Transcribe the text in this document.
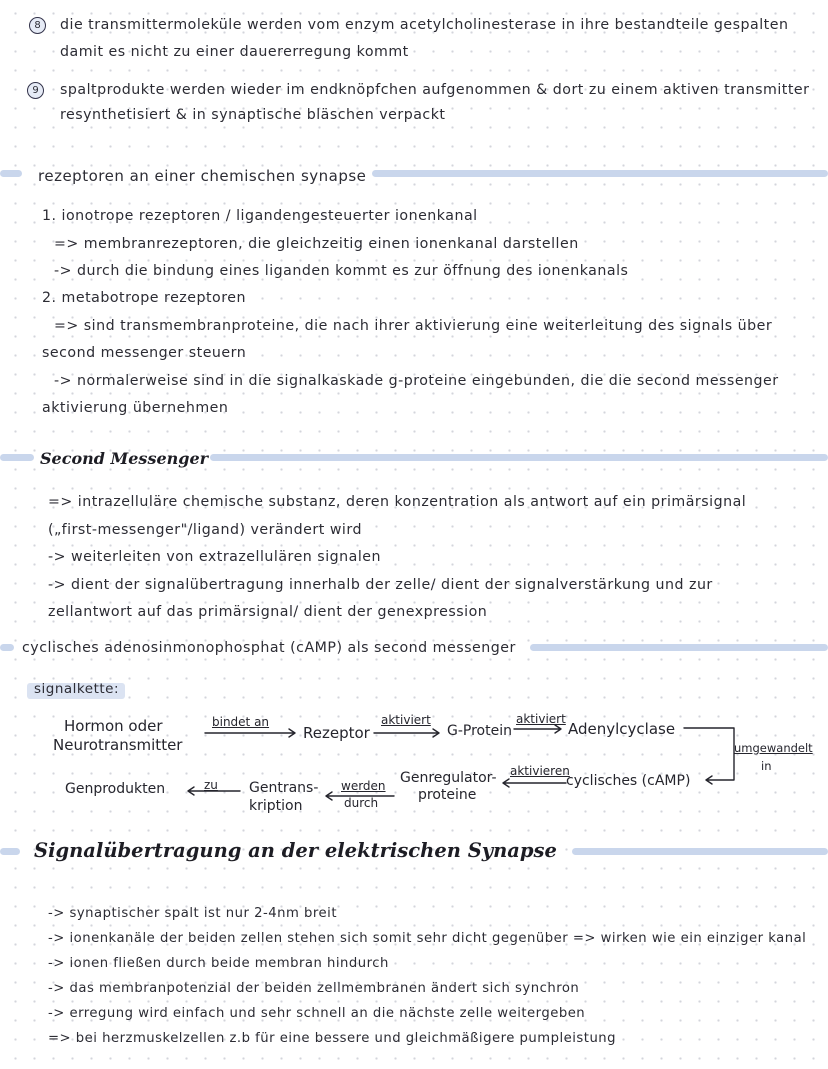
8	die transmittermoleküle werden vom enzym acetylcholinesterase in ihre bestandteile gespalten
damit es nicht zu einer dauererregung kommt
9	spaltprodukte werden wieder im endknöpfchen aufgenommen & dort zu einem aktiven transmitter
resynthetisiert & in synaptische bläschen verpackt
rezeptoren an einer chemischen synapse
1. ionotrope rezeptoren / ligandengesteuerter ionenkanal
=> membranrezeptoren, die gleichzeitig einen ionenkanal darstellen
-> durch die bindung eines liganden kommt es zur öffnung des ionenkanals
2. metabotrope rezeptoren
=> sind transmembranproteine, die nach ihrer aktivierung eine weiterleitung des signals über
second messenger steuern
-> normalerweise sind in die signalkaskade g-proteine eingebunden, die die second messenger
aktivierung übernehmen
Second Messenger
=> intrazelluläre chemische substanz, deren konzentration als antwort auf ein primärsignal
(„first-messenger"/ligand) verändert wird
-> weiterleiten von extrazellulären signalen
-> dient der signalübertragung innerhalb der zelle/ dient der signalverstärkung und zur
zellantwort auf das primärsignal/ dient der genexpression
cyclisches adenosinmonophosphat (cAMP) als second messenger
signalkette:
Hormon oder
Neurotransmitter
bindet an
Rezeptor
aktiviert
G-Protein
aktiviert
Adenylcyclase
umgewandelt
in
cyclisches (cAMP)
aktivieren
Genregulator-
proteine
werden
durch
Gentrans-
kription
zu
Genprodukten
Signalübertragung an der elektrischen Synapse
-> synaptischer spalt ist nur 2-4nm breit
-> ionenkanäle der beiden zellen stehen sich somit sehr dicht gegenüber => wirken wie ein einziger kanal
-> ionen fließen durch beide membran hindurch
-> das membranpotenzial der beiden zellmembranen ändert sich synchron
-> erregung wird einfach und sehr schnell an die nächste zelle weitergeben
=> bei herzmuskelzellen z.b für eine bessere und gleichmäßigere pumpleistung
